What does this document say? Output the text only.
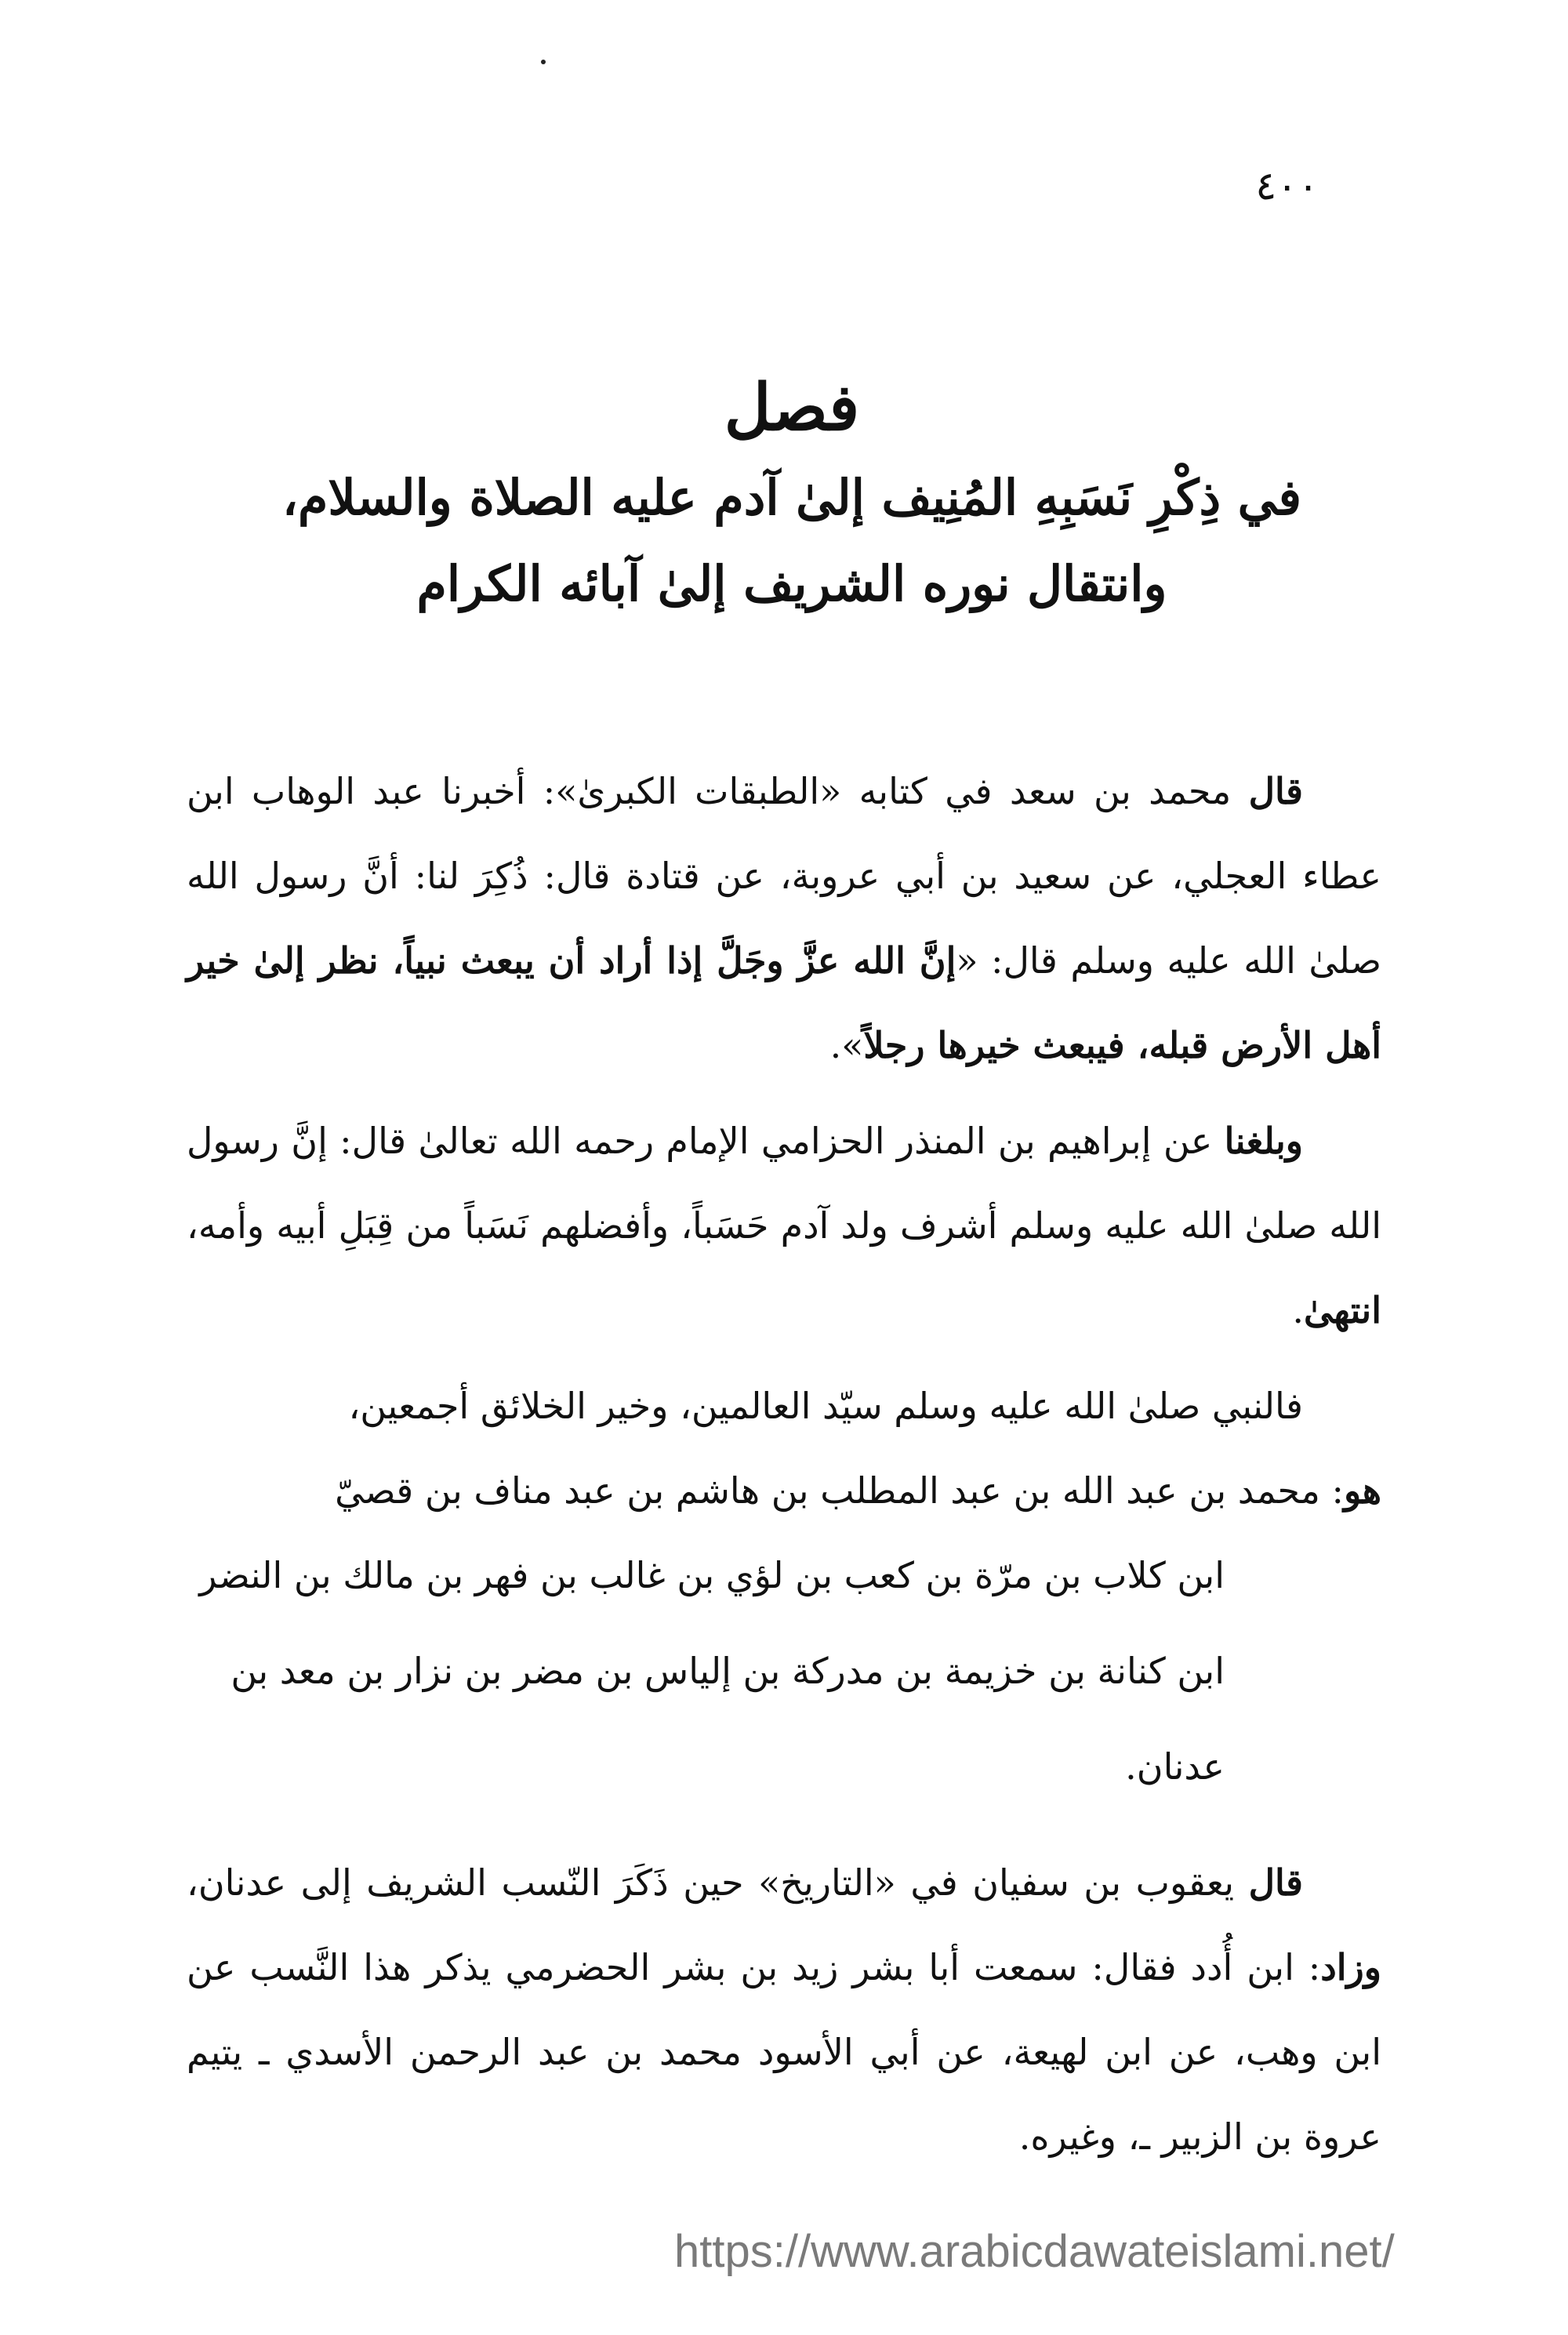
٤٠٠
فصل
في ذِكْرِ نَسَبِهِ المُنِيف إلىٰ آدم عليه الصلاة والسلام،
وانتقال نوره الشريف إلىٰ آبائه الكرام

قال محمد بن سعد في كتابه «الطبقات الكبرىٰ»: أخبرنا عبد الوهاب ابن عطاء العجلي، عن سعيد بن أبي عروبة، عن قتادة قال: ذُكِرَ لنا: أنَّ رسول الله صلىٰ الله عليه وسلم قال: «إنَّ الله عزَّ وجَلَّ إذا أراد أن يبعث نبياً، نظر إلىٰ خير أهل الأرض قبله، فيبعث خيرها رجلاً».

وبلغنا عن إبراهيم بن المنذر الحزامي الإمام رحمه الله تعالىٰ قال: إنَّ رسول الله صلىٰ الله عليه وسلم أشرف ولد آدم حَسَباً، وأفضلهم نَسَباً من قِبَلِ أبيه وأمه، انتهىٰ.

فالنبي صلىٰ الله عليه وسلم سيّد العالمين، وخير الخلائق أجمعين،

هو: محمد بن عبد الله بن عبد المطلب بن هاشم بن عبد مناف بن قصيّ

ابن كلاب بن مرّة بن كعب بن لؤي بن غالب بن فهر بن مالك بن النضر

ابن كنانة بن خزيمة بن مدركة بن إلياس بن مضر بن نزار بن معد بن

عدنان.

قال يعقوب بن سفيان في «التاريخ» حين ذَكَرَ النّسب الشريف إلى عدنان، وزاد: ابن أُدد فقال: سمعت أبا بشر زيد بن بشر الحضرمي يذكر هذا النَّسب عن ابن وهب، عن ابن لهيعة، عن أبي الأسود محمد بن عبد الرحمن الأسدي ـ يتيم عروة بن الزبير ـ، وغيره.

https://www.arabicdawateislami.net/
